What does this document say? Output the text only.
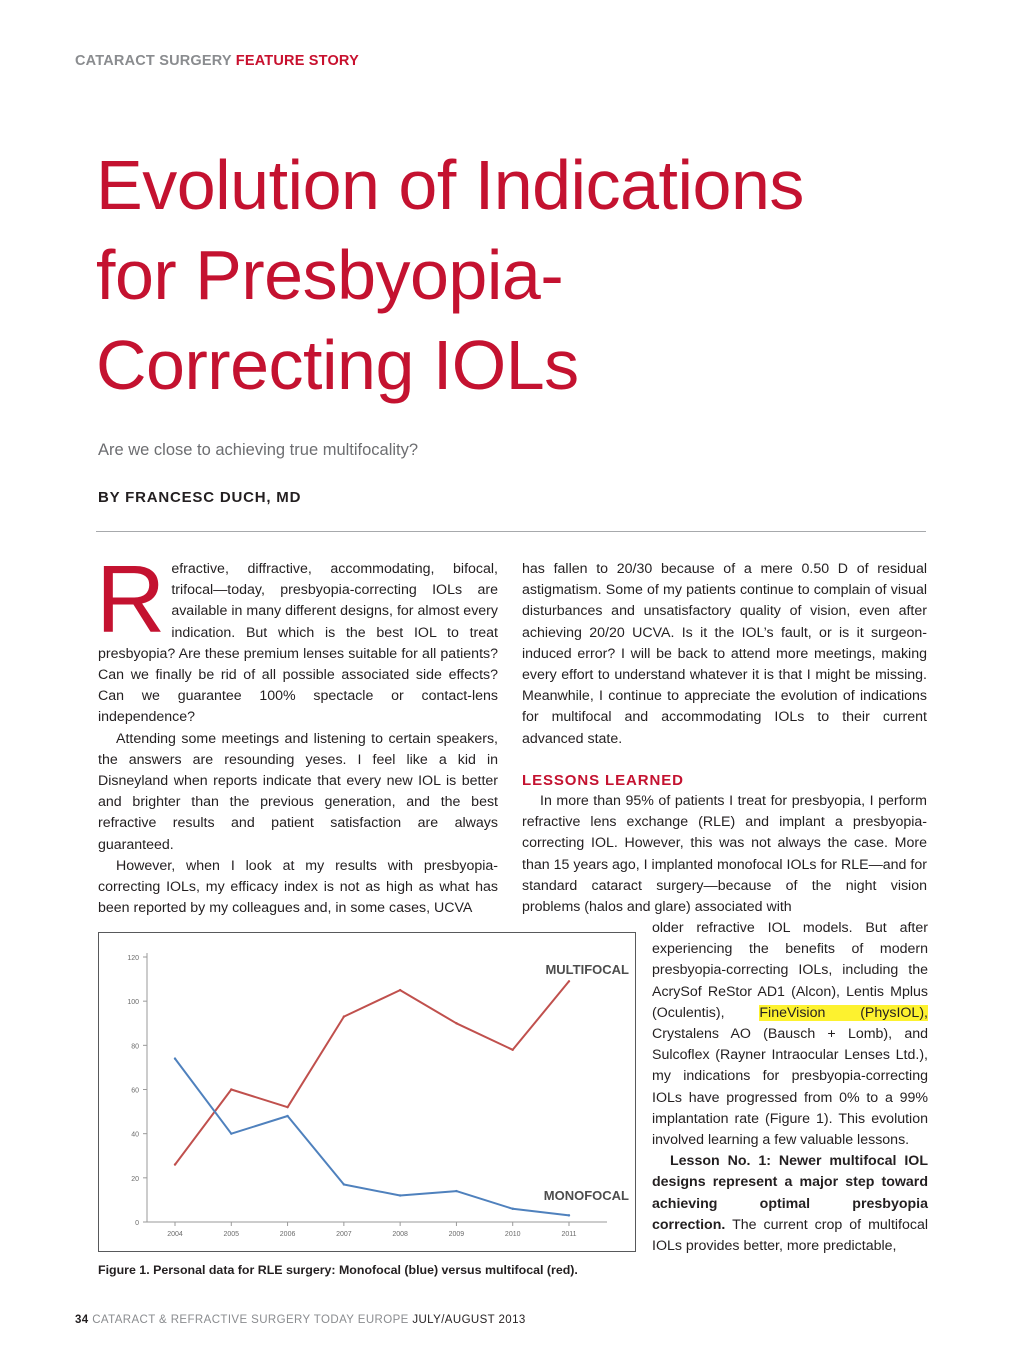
CATARACT SURGERY FEATURE STORY
Evolution of Indications
for Presbyopia-
Correcting IOLs
Are we close to achieving true multifocality?
BY FRANCESC DUCH, MD

Refractive, diffractive, accommodating, bifocal, trifocal—today, presbyopia-correcting IOLs are available in many different designs, for almost every indication. But which is the best IOL to treat presbyopia? Are these premium lenses suitable for all patients? Can we finally be rid of all possible associated side effects? Can we guarantee 100% spectacle or contact-lens independence?

Attending some meetings and listening to certain speakers, the answers are resounding yeses. I feel like a kid in Disneyland when reports indicate that every new IOL is better and brighter than the previous generation, and the best refractive results and patient satisfaction are always guaranteed.

However, when I look at my results with presbyopia-correcting IOLs, my efficacy index is not as high as what has been reported by my colleagues and, in some cases, UCVA

has fallen to 20/30 because of a mere 0.50 D of residual astigmatism. Some of my patients continue to complain of visual disturbances and unsatisfactory quality of vision, even after achieving 20/20 UCVA. Is it the IOL’s fault, or is it surgeon-induced error? I will be back to attend more meetings, making every effort to understand whatever it is that I might be missing. Meanwhile, I continue to appreciate the evolution of indications for multifocal and accommodating IOLs to their current advanced state.

LESSONS LEARNED

In more than 95% of patients I treat for presbyopia, I perform refractive lens exchange (RLE) and implant a presbyopia-correcting IOL. However, this was not always the case. More than 15 years ago, I implanted monofocal IOLs for RLE—and for standard cataract surgery—because of the night vision problems (halos and glare) associated with

older refractive IOL models. But after experiencing the benefits of modern presbyopia-correcting IOLs, including the AcrySof ReStor AD1 (Alcon), Lentis Mplus (Oculentis), FineVision (PhysIOL), Crystalens AO (Bausch + Lomb), and Sulcoflex (Rayner Intraocular Lenses Ltd.), my indications for presbyopia-correcting IOLs have progressed from 0% to a 99% implantation rate (Figure 1). This evolution involved learning a few valuable lessons.

Lesson No. 1: Newer multifocal IOL designs represent a major step toward achieving optimal presbyopia correction. The current crop of multifocal IOLs provides better, more predictable,

0
20
40
60
80
100
120
2004	2005	2006	2007	2008	2009	2010	2011
MULTIFOCAL
MONOFOCAL
Figure 1. Personal data for RLE surgery: Monofocal (blue) versus multifocal (red).
34 CATARACT & REFRACTIVE SURGERY TODAY EUROPE JULY/AUGUST 2013
